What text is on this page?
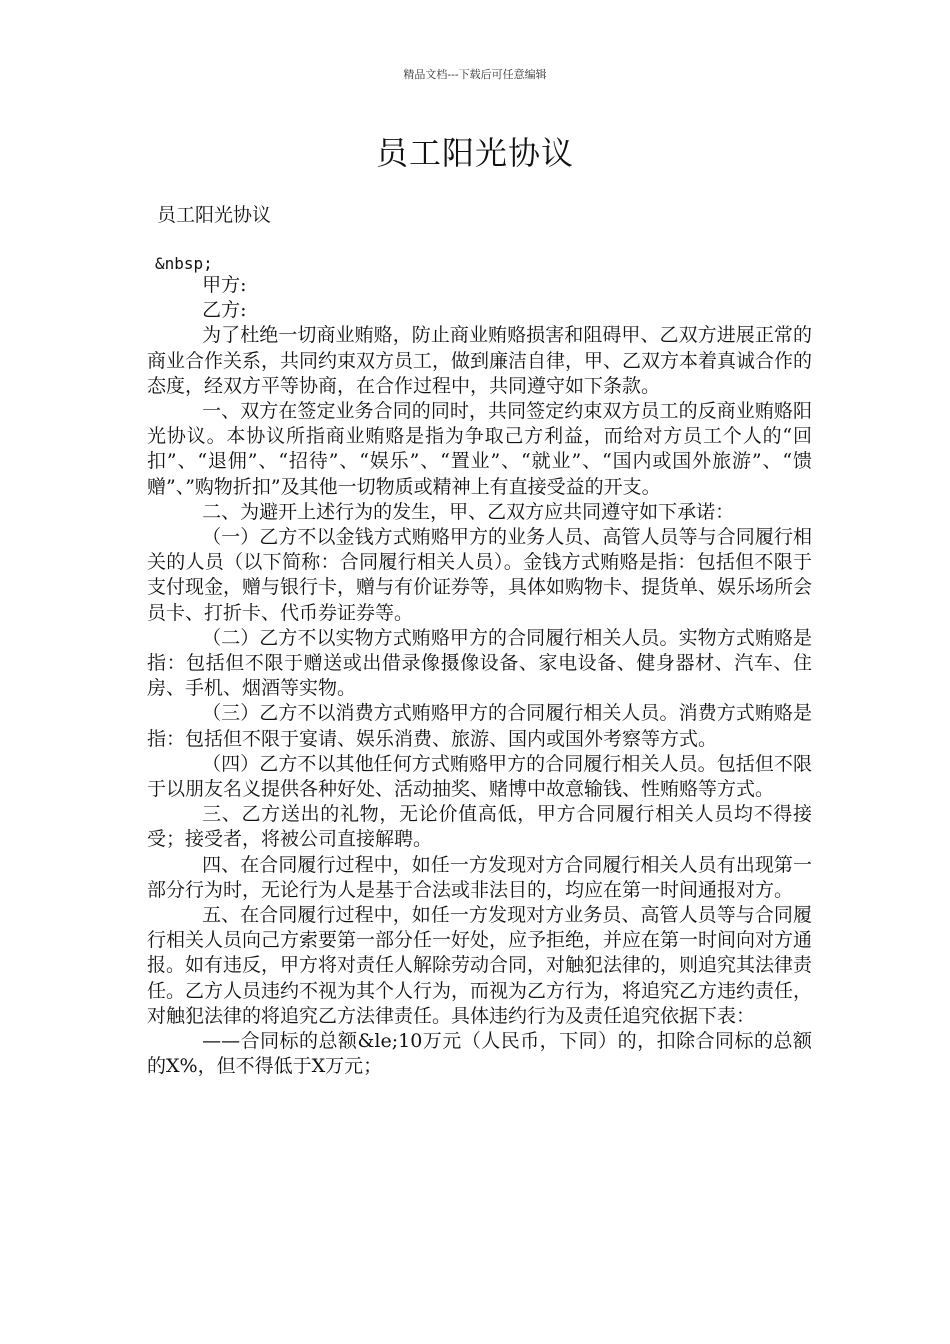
精品文档---下载后可任意编辑
员工阳光协议
员工阳光协议
&nbsp;

甲方:

乙方:

为了杜绝一切商业贿赂，防止商业贿赂损害和阻碍甲、乙双方进展正常的商业合作关系，共同约束双方员工，做到廉洁自律，甲、乙双方本着真诚合作的态度，经双方平等协商，在合作过程中，共同遵守如下条款。

一、双方在签定业务合同的同时，共同签定约束双方员工的反商业贿赂阳光协议。本协议所指商业贿赂是指为争取己方利益，而给对方员工个人的“回扣”、“退佣”、“招待”、“娱乐”、“置业”、“就业”、“国内或国外旅游”、“馈赠”、”购物折扣”及其他一切物质或精神上有直接受益的开支。

二、为避开上述行为的发生，甲、乙双方应共同遵守如下承诺：

（一）乙方不以金钱方式贿赂甲方的业务人员、高管人员等与合同履行相关的人员（以下简称：合同履行相关人员）。金钱方式贿赂是指：包括但不限于支付现金，赠与银行卡，赠与有价证券等，具体如购物卡、提货单、娱乐场所会员卡、打折卡、代币券证券等。

（二）乙方不以实物方式贿赂甲方的合同履行相关人员。实物方式贿赂是指：包括但不限于赠送或出借录像摄像设备、家电设备、健身器材、汽车、住房、手机、烟酒等实物。

（三）乙方不以消费方式贿赂甲方的合同履行相关人员。消费方式贿赂是指：包括但不限于宴请、娱乐消费、旅游、国内或国外考察等方式。

（四）乙方不以其他任何方式贿赂甲方的合同履行相关人员。包括但不限于以朋友名义提供各种好处、活动抽奖、赌博中故意输钱、性贿赂等方式。

三、乙方送出的礼物，无论价值高低，甲方合同履行相关人员均不得接受；接受者，将被公司直接解聘。

四、在合同履行过程中，如任一方发现对方合同履行相关人员有出现第一部分行为时，无论行为人是基于合法或非法目的，均应在第一时间通报对方。

五、在合同履行过程中，如任一方发现对方业务员、高管人员等与合同履行相关人员向己方索要第一部分任一好处，应予拒绝，并应在第一时间向对方通报。如有违反，甲方将对责任人解除劳动合同，对触犯法律的，则追究其法律责任。乙方人员违约不视为其个人行为，而视为乙方行为，将追究乙方违约责任，对触犯法律的将追究乙方法律责任。具体违约行为及责任追究依据下表：

——合同标的总额&le;10万元（人民币，下同）的，扣除合同标的总额的X%，但不得低于X万元；
